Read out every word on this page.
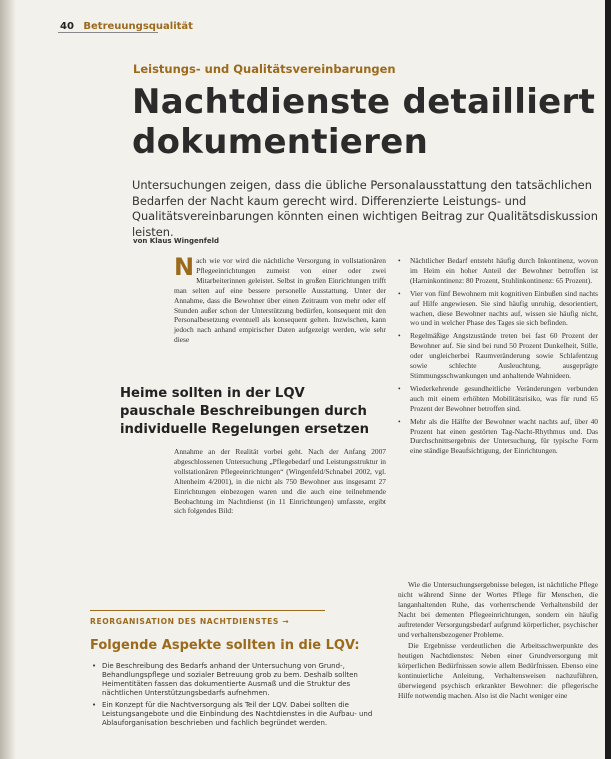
40 Betreuungsqualität
Leistungs- und Qualitätsvereinbarungen
Nachtdienste detailliert dokumentieren

Untersuchungen zeigen, dass die übliche Personalausstattung den tatsächlichen Bedarfen der Nacht kaum gerecht wird. Differenzierte Leistungs- und Qualitätsvereinbarungen könnten einen wichtigen Beitrag zur Qualitätsdiskussion leisten.

von Klaus Wingenfeld
Nach wie vor wird die nächtliche Versorgung in vollstationären Pflegeeinrichtungen zumeist von einer oder zwei Mitarbeiterinnen geleistet. Selbst in großen Einrichtungen trifft man selten auf eine bessere personelle Ausstattung. Unter der Annahme, dass die Bewohner über einen Zeitraum von mehr oder elf Stunden außer schon der Unterstützung bedürfen, konsequent mit den Personalbesetzung eventuell als konsequent gelten. Inzwischen, kann jedoch nach anhand empirischer Daten aufgezeigt werden, wie sehr diese
Heime sollten in der LQV pauschale Beschreibungen durch individuelle Regelungen ersetzen
Annahme an der Realität vorbei geht. Nach der Anfang 2007 abgeschlossenen Untersuchung „Pflegebedarf und Leistungsstruktur in vollstationären Pflegeeinrichtungen“ (Wingenfeld/Schnabel 2002, vgl. Altenheim 4/2001), in die nicht als 750 Bewohner aus insgesamt 27 Einrichtungen einbezogen waren und die auch eine teilnehmende Beobachtung im Nachtdienst (in 11 Einrichtungen) umfasste, ergibt sich folgendes Bild:
REORGANISATION DES NACHTDIENSTES →
Folgende Aspekte sollten in die LQV:
• Die Beschreibung des Bedarfs anhand der Untersuchung von Grund-, Behandlungspflege und sozialer Betreuung grob zu bem. Deshalb sollten Heimentitäten fassen das dokumentierte Ausmaß und die Struktur des nächtlichen Unterstützungsbedarfs aufnehmen.
• Ein Konzept für die Nachtversorgung als Teil der LQV. Dabei sollten die Leistungsangebote und die Einbindung des Nachtdienstes in die Aufbau- und Ablauforganisation beschrieben und fachlich begründet werden.
• Nächtlicher Bedarf entsteht häufig durch Inkontinenz, wovon im Heim ein hoher Anteil der Bewohner betroffen ist (Harninkontinenz: 80 Prozent, Stuhlinkontinenz: 65 Prozent).
• Vier von fünf Bewohnern mit kognitiven Einbußen sind nachts auf Hilfe angewiesen. Sie sind häufig unruhig, desorientiert, wachen, diese Bewohner nachts auf, wissen sie häufig nicht, wo und in welcher Phase des Tages sie sich befinden.
• Regelmäßige Angstzustände treten bei fast 60 Prozent der Bewohner auf. Sie sind bei rund 50 Prozent Dunkelheit, Stille, oder ungleicherbei Raumveränderung sowie Schlafentzug sowie schlechte Ausleuchtung, ausgeprägte Stimmungsschwankungen und anhaltende Wahnideen.
• Wiederkehrende gesundheitliche Veränderungen verbunden auch mit einem erhöhten Mobilitätsrisiko, was für rund 65 Prozent der Bewohner betroffen sind.
• Mehr als die Hälfte der Bewohner wacht nachts auf, über 40 Prozent hat einen gestörten Tag-Nacht-Rhythmus und. Das Durchschnittsergebnis der Untersuchung, für typische Form eine ständige Beaufsichtigung, der Einrichtungen.

Wie die Untersuchungsergebnisse belegen, ist nächtliche Pflege nicht während Sinne der Wortes Pflege für Menschen, die langanhaltenden Ruhe, das vorherrschende Verhaltensbild der Nacht bei dementen Pflegeeinrichtungen, sondern ein häufig auftretender Versorgungsbedarf aufgrund körperlicher, psychischer und verhaltensbezogener Probleme.

Die Ergebnisse verdeutlichen die Arbeitsschwerpunkte des heutigen Nachtdienstes: Neben einer Grundversorgung mit körperlichen Bedürfnissen sowie allem Bedürfnissen. Ebenso eine kontinuierliche Anleitung, Verhaltensweisen nachzuführen, überwiegend psychisch erkrankter Bewohner: die pflegerische Hilfe notwendig machen. Also ist die Nacht weniger eine
